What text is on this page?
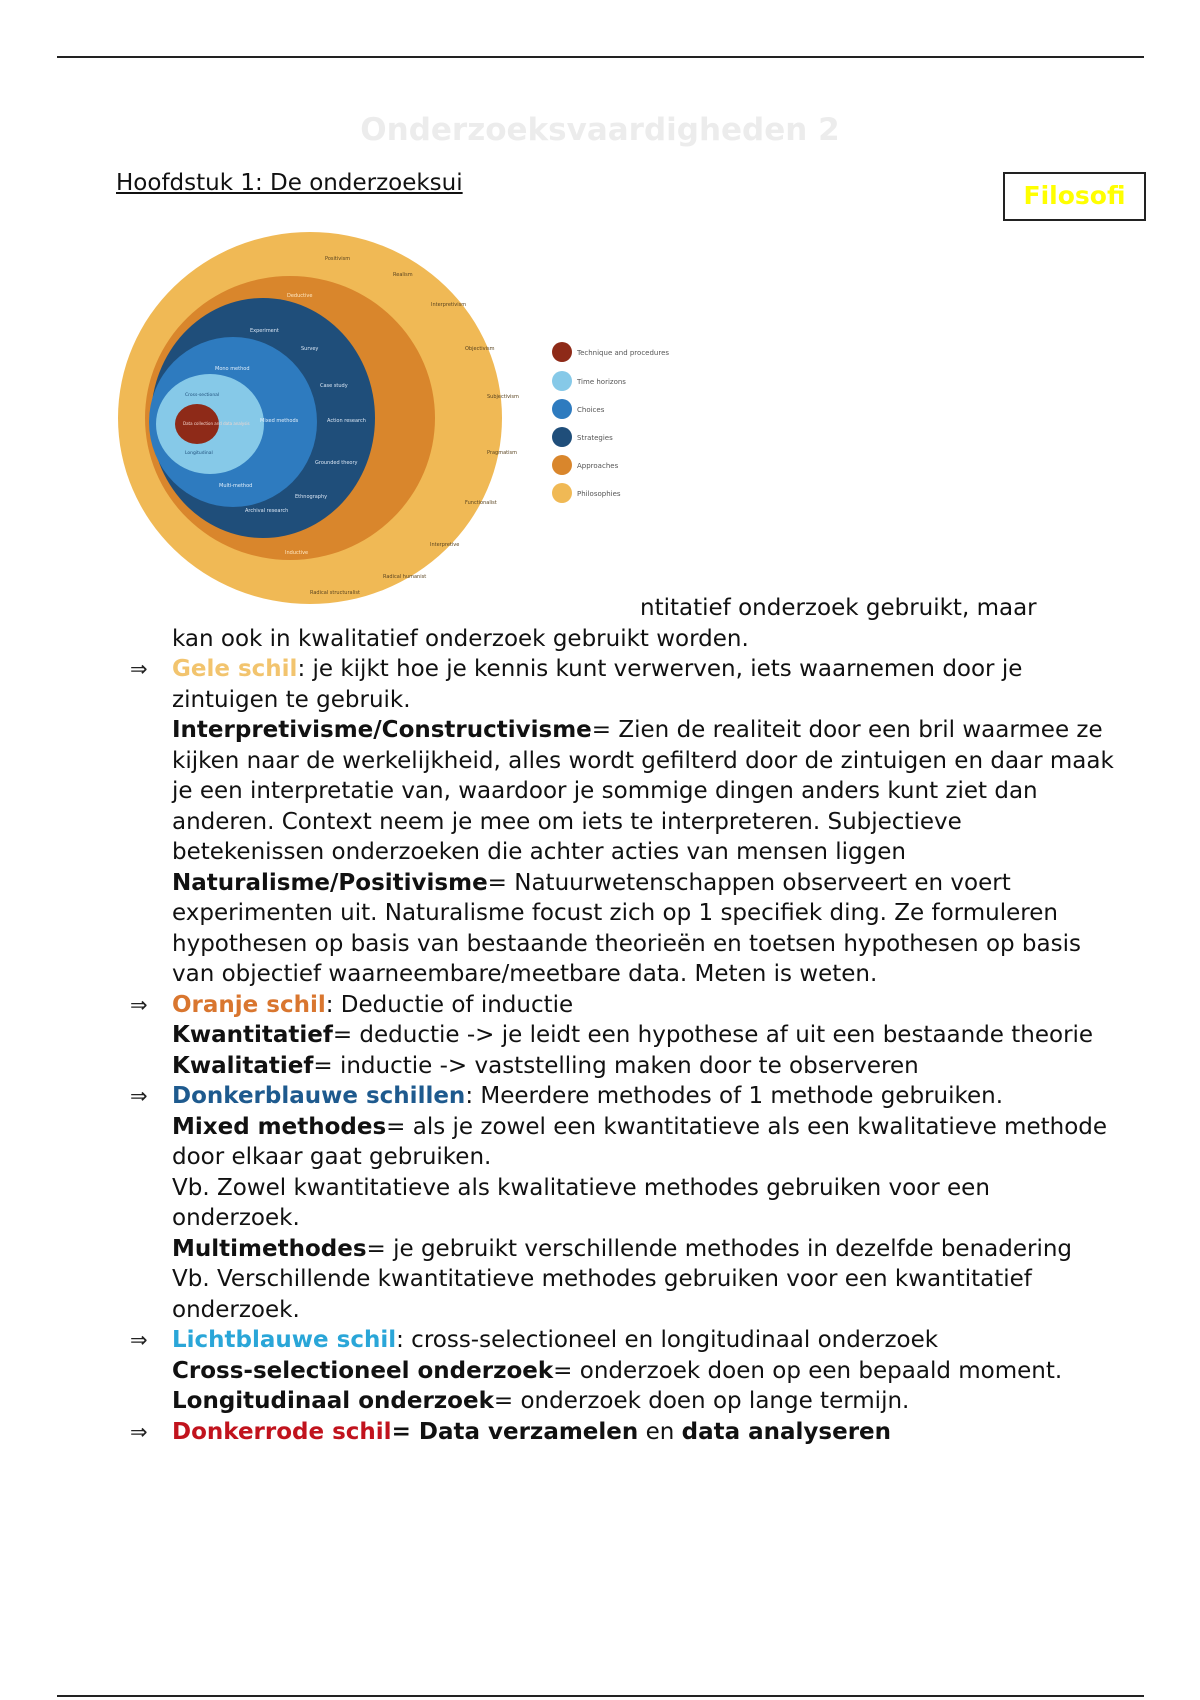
Onderzoeksvaardigheden 2
Hoofdstuk 1: De onderzoeksui	Filosofi
Positivism
Realism
Interpretivism
Objectivism
Subjectivism
Pragmatism
Functionalist
Interpretive
Radical humanist
Radical structuralist
Deductive
Inductive
Experiment
Survey
Case study
Action research
Grounded theory
Ethnography
Archival research
Mono method
Mixed methods
Multi-method
Cross-sectional
Longitudinal
Data collection and data analysis
Technique and procedures
Time horizons
Choices
Strategies
Approaches
Philosophies
ntitatief onderzoek gebruikt, maar
kan ook in kwalitatief onderzoek gebruikt worden.
⇒ Gele schil: je kijkt hoe je kennis kunt verwerven, iets waarnemen door je zintuigen te gebruik.
Interpretivisme/Constructivisme= Zien de realiteit door een bril waarmee ze kijken naar de werkelijkheid, alles wordt gefilterd door de zintuigen en daar maak je een interpretatie van, waardoor je sommige dingen anders kunt ziet dan anderen. Context neem je mee om iets te interpreteren. Subjectieve betekenissen onderzoeken die achter acties van mensen liggen
Naturalisme/Positivisme= Natuurwetenschappen observeert en voert experimenten uit. Naturalisme focust zich op 1 specifiek ding. Ze formuleren hypothesen op basis van bestaande theorieën en toetsen hypothesen op basis van objectief waarneembare/meetbare data. Meten is weten.
⇒ Oranje schil: Deductie of inductie
Kwantitatief= deductie -> je leidt een hypothese af uit een bestaande theorie
Kwalitatief= inductie -> vaststelling maken door te observeren
⇒ Donkerblauwe schillen: Meerdere methodes of 1 methode gebruiken.
Mixed methodes= als je zowel een kwantitatieve als een kwalitatieve methode door elkaar gaat gebruiken.
Vb. Zowel kwantitatieve als kwalitatieve methodes gebruiken voor een onderzoek.
Multimethodes= je gebruikt verschillende methodes in dezelfde benadering
Vb. Verschillende kwantitatieve methodes gebruiken voor een kwantitatief onderzoek.
⇒ Lichtblauwe schil: cross-selectioneel en longitudinaal onderzoek
Cross-selectioneel onderzoek= onderzoek doen op een bepaald moment.
Longitudinaal onderzoek= onderzoek doen op lange termijn.
⇒ Donkerrode schil= Data verzamelen en data analyseren
